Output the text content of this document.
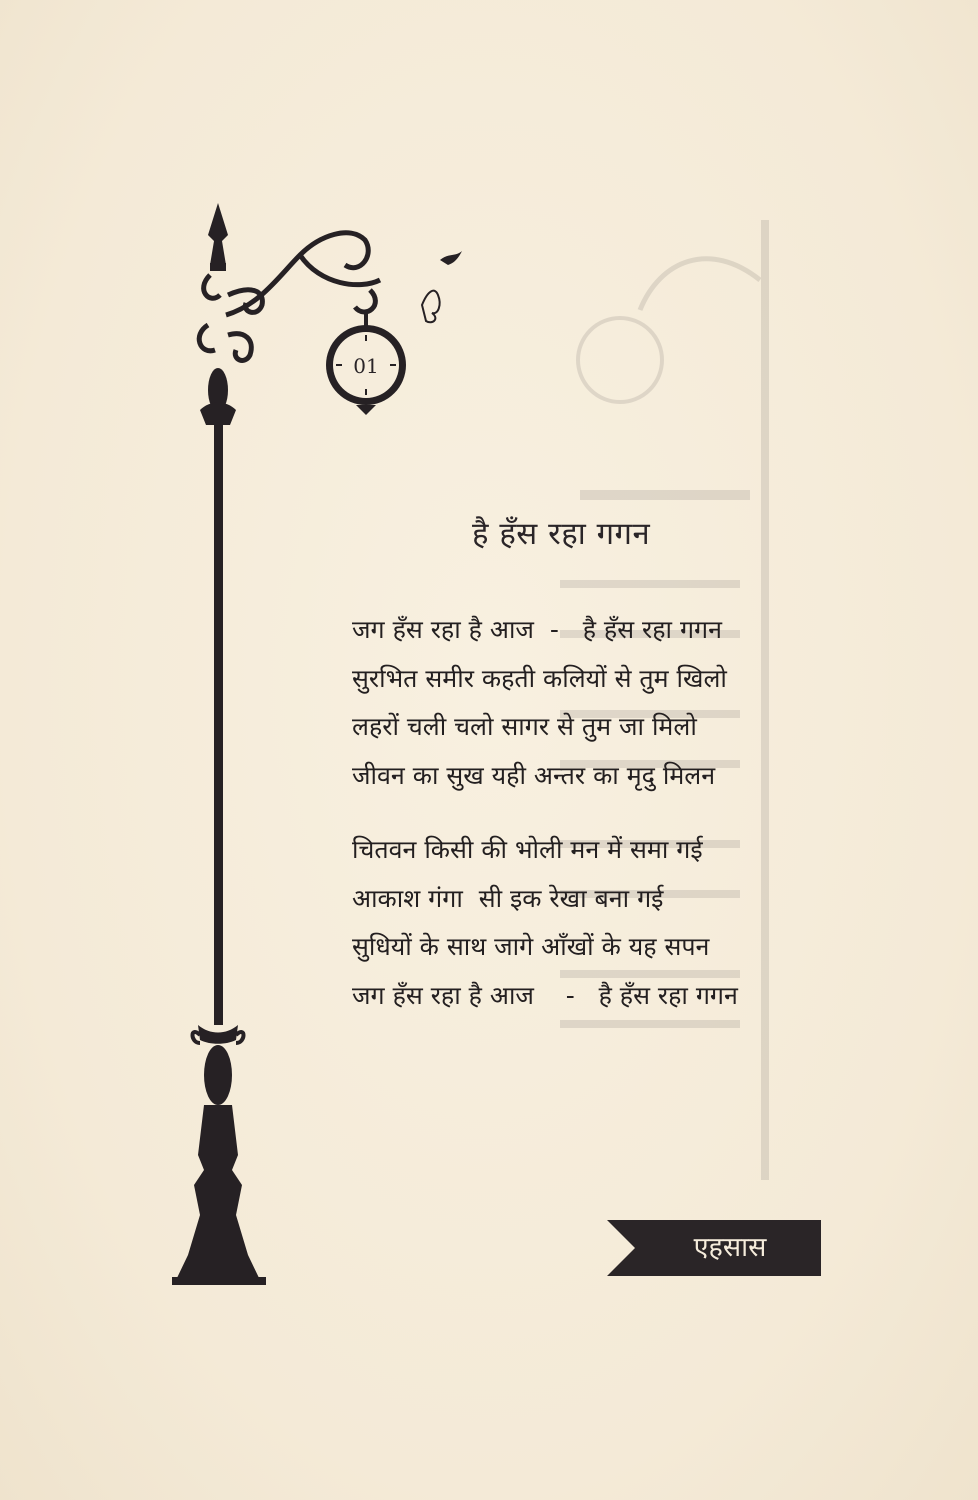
01
है हँस रहा गगन
जग हँस रहा है आज  -   है हँस रहा गगन
सुरभित समीर कहती कलियों से तुम खिलो
लहरों चली चलो सागर से तुम जा मिलो
जीवन का सुख यही अन्तर का मृदु मिलन
चितवन किसी की भोली मन में समा गई
आकाश गंगा  सी इक रेखा बना गई
सुधियों के साथ जागे आँखों के यह सपन
जग हँस रहा है आज    -   है हँस रहा गगन
एहसास
